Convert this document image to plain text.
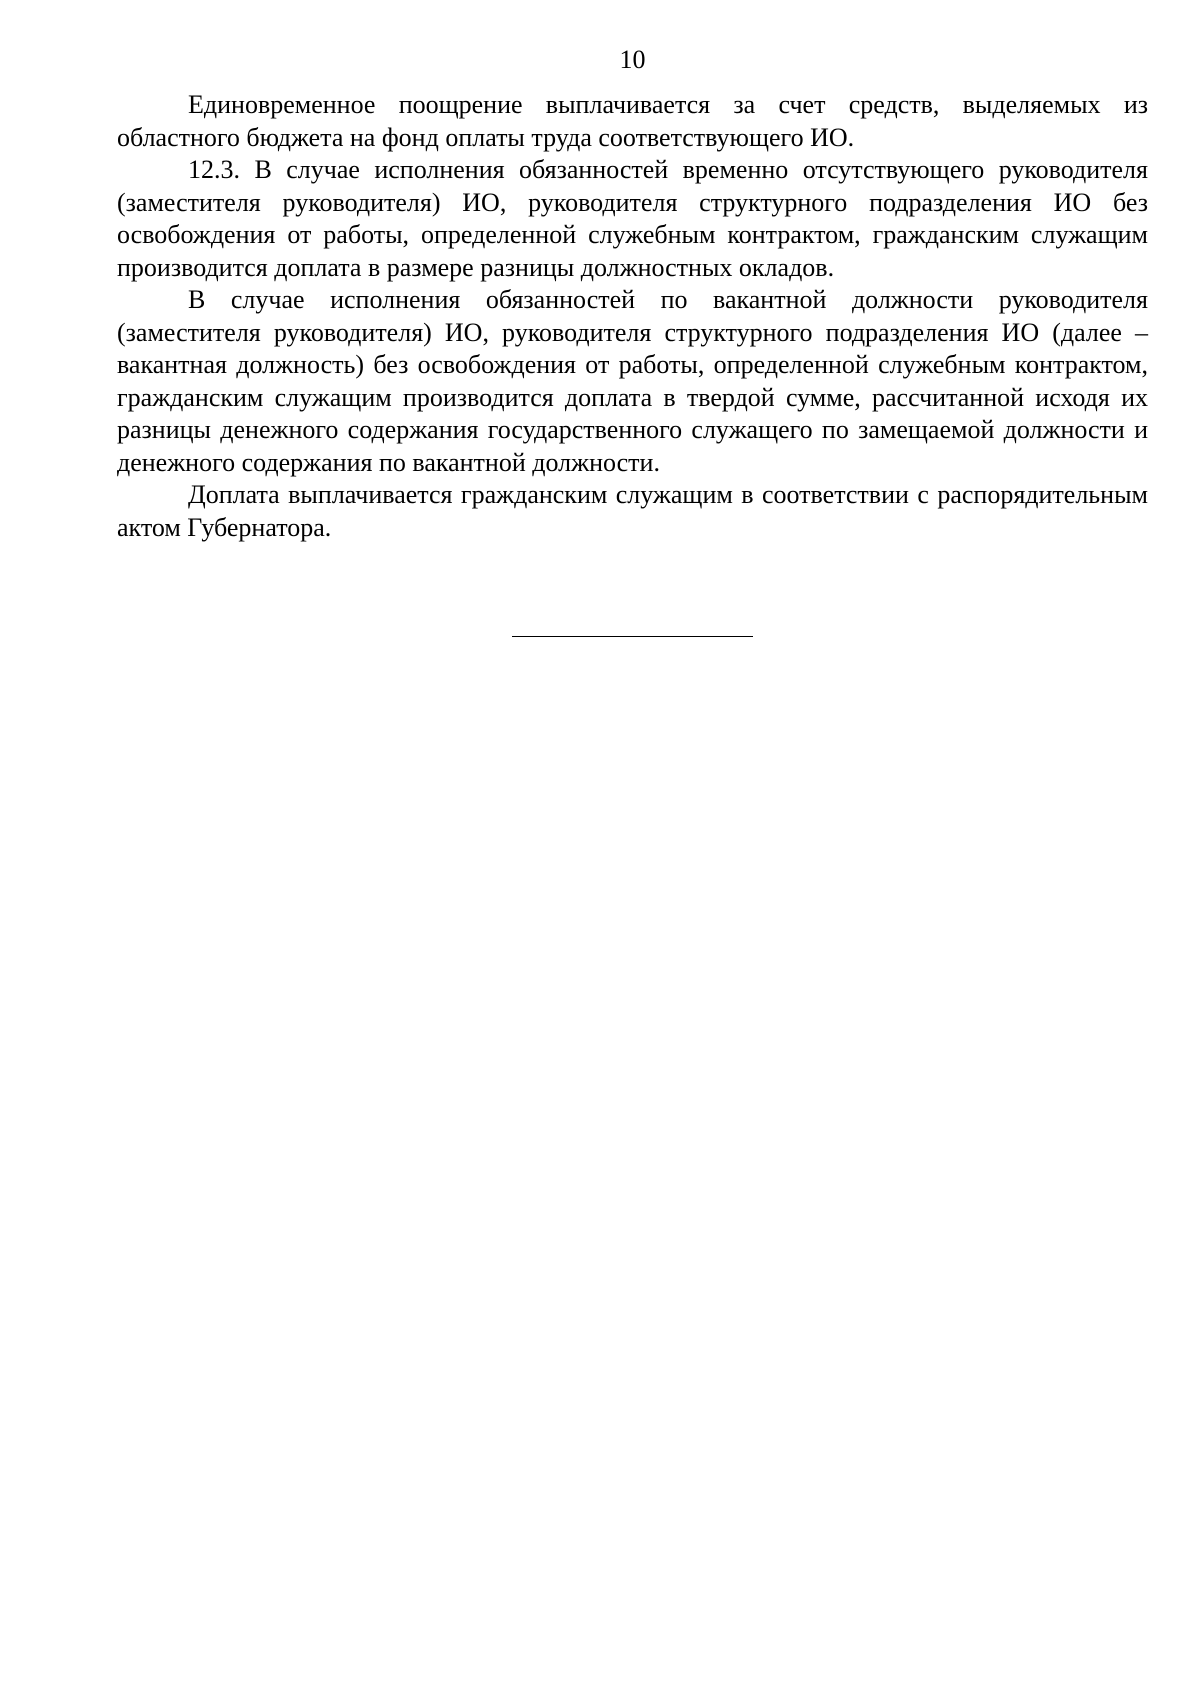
10

Единовременное поощрение выплачивается за счет средств, выделяемых из областного бюджета на фонд оплаты труда соответствующего ИО.

12.3. В случае исполнения обязанностей временно отсутствующего руководителя (заместителя руководителя) ИО, руководителя структурного подразделения ИО без освобождения от работы, определенной служебным контрактом, гражданским служащим производится доплата в размере разницы должностных окладов.

В случае исполнения обязанностей по вакантной должности руководителя (заместителя руководителя) ИО, руководителя структурного подразделения ИО (далее – вакантная должность) без освобождения от работы, определенной служебным контрактом, гражданским служащим производится доплата в твердой сумме, рассчитанной исходя их разницы денежного содержания государственного служащего по замещаемой должности и денежного содержания по вакантной должности.

Доплата выплачивается гражданским служащим в соответствии с распорядительным актом Губернатора.
